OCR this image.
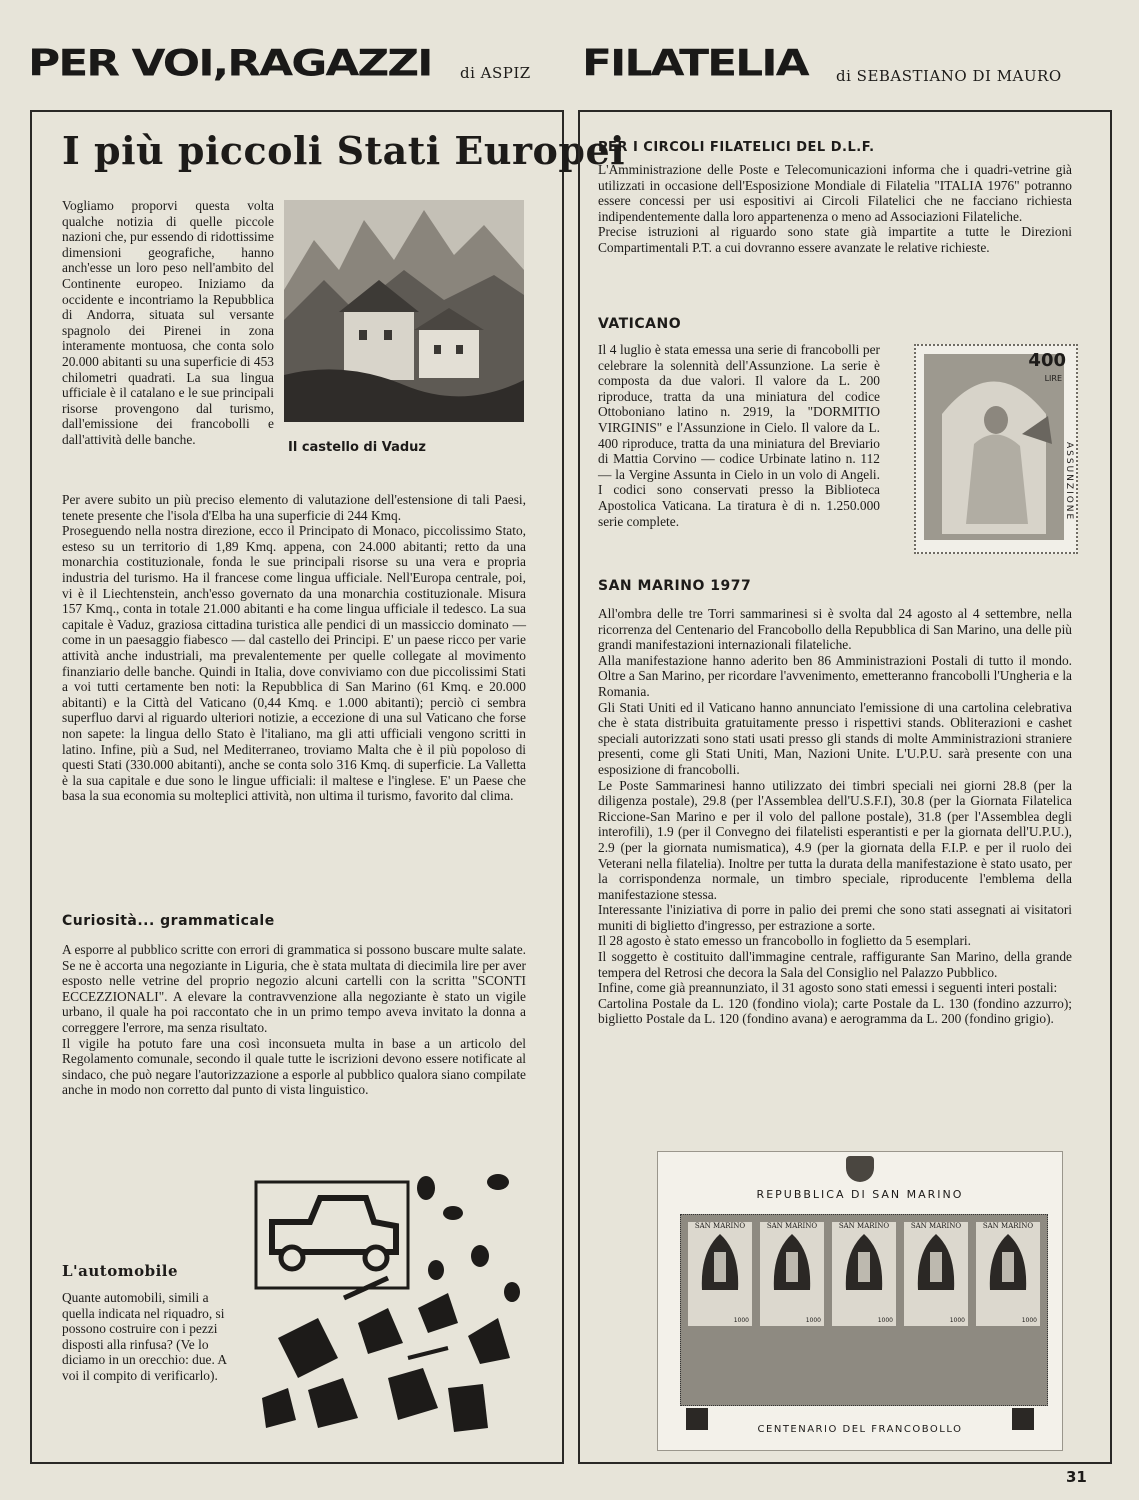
PER VOI,RAGAZZI di ASPIZ FILATELIA di SEBASTIANO DI MAURO
I più piccoli Stati Europei

Vogliamo proporvi questa volta qualche notizia di quelle piccole nazioni che, pur essendo di ridottissime dimensioni geografiche, hanno anch'esse un loro peso nell'ambito del Continente europeo. Iniziamo da occidente e incontriamo la Repubblica di Andorra, situata sul versante spagnolo dei Pirenei in zona interamente montuosa, che conta solo 20.000 abitanti su una superficie di 453 chilometri quadrati. La sua lingua ufficiale è il catalano e le sue principali risorse provengono dal turismo, dall'emissione dei francobolli e dall'attività delle banche.

Il castello di Vaduz

Per avere subito un più preciso elemento di valutazione dell'estensione di tali Paesi, tenete presente che l'isola d'Elba ha una superficie di 244 Kmq.

Proseguendo nella nostra direzione, ecco il Principato di Monaco, piccolissimo Stato, esteso su un territorio di 1,89 Kmq. appena, con 24.000 abitanti; retto da una monarchia costituzionale, fonda le sue principali risorse su una vera e propria industria del turismo. Ha il francese come lingua ufficiale. Nell'Europa centrale, poi, vi è il Liechtenstein, anch'esso governato da una monarchia costituzionale. Misura 157 Kmq., conta in totale 21.000 abitanti e ha come lingua ufficiale il tedesco. La sua capitale è Vaduz, graziosa cittadina turistica alle pendici di un massiccio dominato — come in un paesaggio fiabesco — dal castello dei Principi. E' un paese ricco per varie attività anche industriali, ma prevalentemente per quelle collegate al movimento finanziario delle banche. Quindi in Italia, dove conviviamo con due piccolissimi Stati a voi tutti certamente ben noti: la Repubblica di San Marino (61 Kmq. e 20.000 abitanti) e la Città del Vaticano (0,44 Kmq. e 1.000 abitanti); perciò ci sembra superfluo darvi al riguardo ulteriori notizie, a eccezione di una sul Vaticano che forse non sapete: la lingua dello Stato è l'italiano, ma gli atti ufficiali vengono scritti in latino. Infine, più a Sud, nel Mediterraneo, troviamo Malta che è il più popoloso di questi Stati (330.000 abitanti), anche se conta solo 316 Kmq. di superficie. La Valletta è la sua capitale e due sono le lingue ufficiali: il maltese e l'inglese. E' un Paese che basa la sua economia su molteplici attività, non ultima il turismo, favorito dal clima.

Curiosità... grammaticale

A esporre al pubblico scritte con errori di grammatica si possono buscare multe salate. Se ne è accorta una negoziante in Liguria, che è stata multata di diecimila lire per aver esposto nelle vetrine del proprio negozio alcuni cartelli con la scritta "SCONTI ECCEZZIONALI". A elevare la contravvenzione alla negoziante è stato un vigile urbano, il quale ha poi raccontato che in un primo tempo aveva invitato la donna a correggere l'errore, ma senza risultato.

Il vigile ha potuto fare una così inconsueta multa in base a un articolo del Regolamento comunale, secondo il quale tutte le iscrizioni devono essere notificate al sindaco, che può negare l'autorizzazione a esporle al pubblico qualora siano compilate anche in modo non corretto dal punto di vista linguistico.

L'automobile

Quante automobili, simili a quella indicata nel riquadro, si possono costruire con i pezzi disposti alla rinfusa? (Ve lo diciamo in un orecchio: due. A voi il compito di verificarlo).

PER I CIRCOLI FILATELICI DEL D.L.F.

L'Amministrazione delle Poste e Telecomunicazioni informa che i quadri-vetrine già utilizzati in occasione dell'Esposizione Mondiale di Filatelia "ITALIA 1976" potranno essere concessi per usi espositivi ai Circoli Filatelici che ne facciano richiesta indipendentemente dalla loro appartenenza o meno ad Associazioni Filateliche.

Precise istruzioni al riguardo sono state già impartite a tutte le Direzioni Compartimentali P.T. a cui dovranno essere avanzate le relative richieste.

VATICANO

Il 4 luglio è stata emessa una serie di francobolli per celebrare la solennità dell'Assunzione. La serie è composta da due valori. Il valore da L. 200 riproduce, tratta da una miniatura del codice Ottoboniano latino n. 2919, la "DORMITIO VIRGINIS" e l'Assunzione in Cielo. Il valore da L. 400 riproduce, tratta da una miniatura del Breviario di Mattia Corvino — codice Urbinate latino n. 112 — la Vergine Assunta in Cielo in un volo di Angeli. I codici sono conservati presso la Biblioteca Apostolica Vaticana. La tiratura è di n. 1.250.000 serie complete.

400
LIRE
ASSUNZIONE
SAN MARINO 1977

All'ombra delle tre Torri sammarinesi si è svolta dal 24 agosto al 4 settembre, nella ricorrenza del Centenario del Francobollo della Repubblica di San Marino, una delle più grandi manifestazioni internazionali filateliche.

Alla manifestazione hanno aderito ben 86 Amministrazioni Postali di tutto il mondo. Oltre a San Marino, per ricordare l'avvenimento, emetteranno francobolli l'Ungheria e la Romania.

Gli Stati Uniti ed il Vaticano hanno annunciato l'emissione di una cartolina celebrativa che è stata distribuita gratuitamente presso i rispettivi stands. Obliterazioni e cashet speciali autorizzati sono stati usati presso gli stands di molte Amministrazioni straniere presenti, come gli Stati Uniti, Man, Nazioni Unite. L'U.P.U. sarà presente con una esposizione di francobolli.

Le Poste Sammarinesi hanno utilizzato dei timbri speciali nei giorni 28.8 (per la diligenza postale), 29.8 (per l'Assemblea dell'U.S.F.I), 30.8 (per la Giornata Filatelica Riccione-San Marino e per il volo del pallone postale), 31.8 (per l'Assemblea degli interofili), 1.9 (per il Convegno dei filatelisti esperantisti e per la giornata dell'U.P.U.), 2.9 (per la giornata numismatica), 4.9 (per la giornata della F.I.P. e per il ruolo dei Veterani nella filatelia). Inoltre per tutta la durata della manifestazione è stato usato, per la corrispondenza normale, un timbro speciale, riproducente l'emblema della manifestazione stessa.

Interessante l'iniziativa di porre in palio dei premi che sono stati assegnati ai visitatori muniti di biglietto d'ingresso, per estrazione a sorte.

Il 28 agosto è stato emesso un francobollo in foglietto da 5 esemplari.

Il soggetto è costituito dall'immagine centrale, raffigurante San Marino, della grande tempera del Retrosi che decora la Sala del Consiglio nel Palazzo Pubblico.

Infine, come già preannunziato, il 31 agosto sono stati emessi i seguenti interi postali:

Cartolina Postale da L. 120 (fondino viola); carte Postale da L. 130 (fondino azzurro); biglietto Postale da L. 120 (fondino avana) e aerogramma da L. 200 (fondino grigio).

REPUBBLICA DI SAN MARINO
SAN MARINO
1000
SAN MARINO
1000
SAN MARINO
1000
SAN MARINO
1000
SAN MARINO
1000
CENTENARIO DEL FRANCOBOLLO
31
